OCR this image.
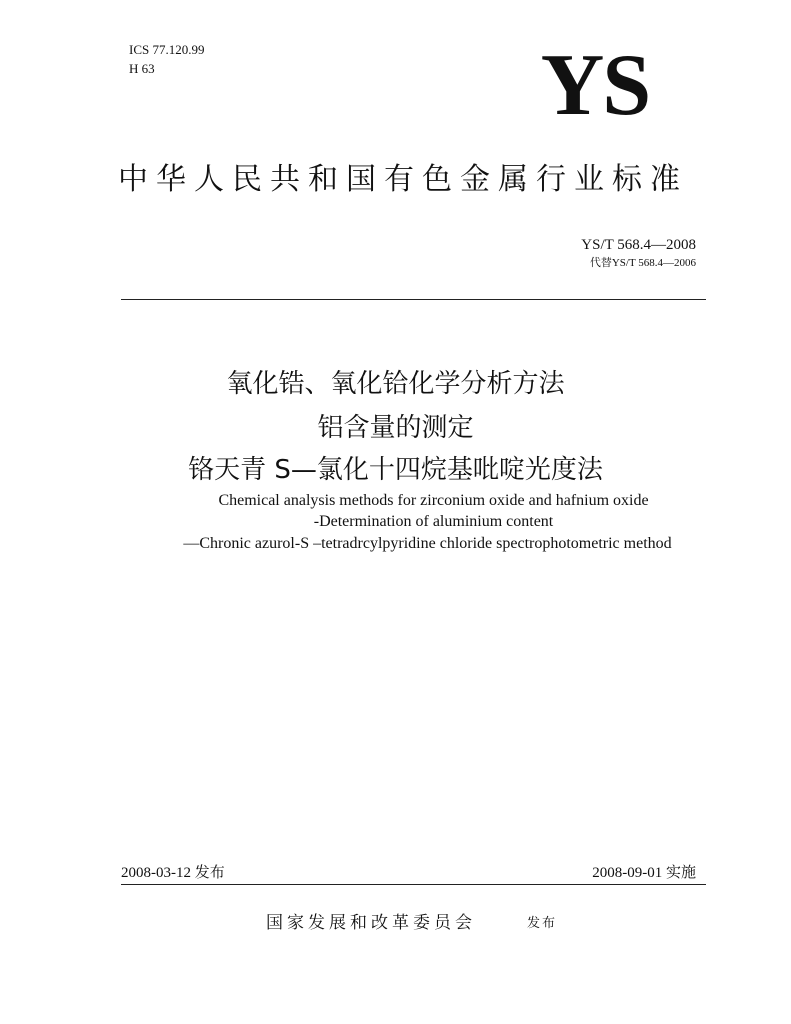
ICS 77.120.99
H 63	YS
中华人民共和国有色金属行业标准
YS/T 568.4—2008
代替YS/T 568.4—2006
氧化锆、氧化铪化学分析方法
铝含量的测定
铬天青 S—氯化十四烷基吡啶光度法
Chemical analysis methods for zirconium oxide and hafnium oxide
-Determination of aluminium content
—Chronic azurol-S –tetradrcylpyridine chloride spectrophotometric method
2008-03-12 发布	2008-09-01 实施
国家发展和改革委员会	发布
